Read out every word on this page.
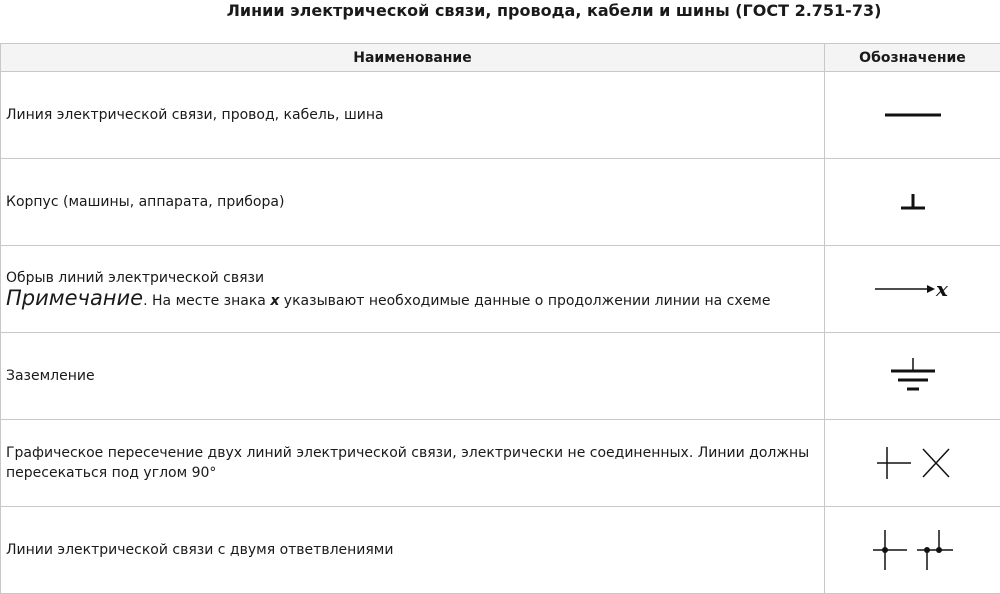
Линии электрической связи, провода, кабели и шины (ГОСТ 2.751-73)
Наименование	Обозначение
Линия электрической связи, провод, кабель, шина	

Корпус (машины, аппарата, прибора)	

Обрыв линий электрической связи
Примечание. На месте знака x указывают необходимые данные о продолжении линии на схеме	x

Заземление	

Графическое пересечение двух линий электрической связи, электрически не соединенных. Линии должны пересекаться под углом 90°	

Линии электрической связи с двумя ответвлениями	
